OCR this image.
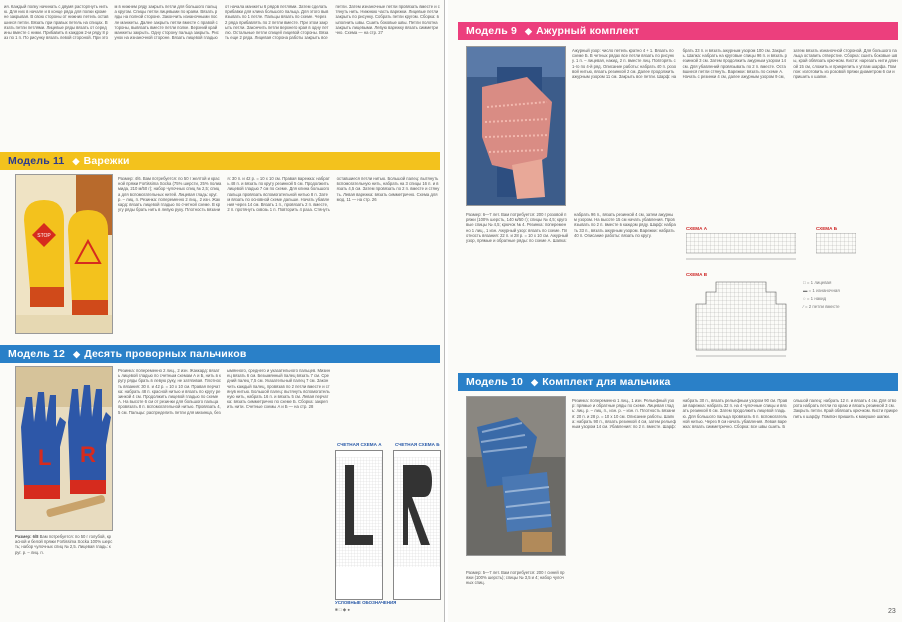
ия. Каждый полку начинать с двумя расторгнуть нитью. Для них в начале и в конце ряда для полки кроме не закрывая. В свою стороны от нижних петель оставшиеся петли. Вязать при правых петель на спицах. Вязать петли петлями. Лицевые ряды вязать от середины вместе с ними. Прибавить в каждом 2-м ряду 8 раз по 1 п. По рисунку вязать левой стороной. При этом в нижнем ряду закрыть петли для большого пальца кругом. Спицы петли лицевыми по краям. Вязать ряды на полной стороне. Закончить изнаночными после манжеты. Далее закрыть петли вместе с правой стороны, вывязать вместе петли полке. Верхний край манжеты закрыть. Одну сторону пальца закрыть. Рисунок на изнаночной стороне. Вязать лицевой гладью от начала манжеты 6 рядов петлями. Затем сделать прибавки для клина большого пальца. Для этого вывязывать по 1 петле. Пальцы вязать по схеме. Через 2 ряда прибавлять по 2 петли вместе. При этом закрыть петли. Закончить петли верхнего края в одну петлю. Остальные петли спицей лицевой стороны. Вязать еще 2 ряда. Лицевая сторона работы закрыть все петли. Затем изнаночные петли провязать вместе и стянуть нить. Нижнюю часть варежки. Лицевые петли закрыть по рисунку. Собрать петли кругом. Сборка: выполнить швы. Сшить боковые швы. Петли полотна закрыть лицевыми. Левую варежку вязать симметрично. Схема — на стр. 27
Модель 11 ◆ Варежки
STOP
Размер: 4/6. Вам потребуется: по 50 г желтой и красной пряжи Fortissima Socka (75% шерсти, 25% полиамида, 210 м/50 г); набор чулочных спиц № 2,5; спица для вспомогательных нитей. Лицевая гладь: круг. р. – лиц. п. Резинка: попеременно 2 лиц., 2 изн. Жаккард: вязать лицевой гладью по счетной схеме. В кругу ряды брать нить в левую руку. Плотность вязания: 30 п. и 42 р. = 10 х 10 см. Правая варежка: набрать 48 п. и вязать по кругу резинкой 5 см. Продолжить лицевой гладью 7 см по схеме. Для клина большого пальца провязать вспомогательной нитью 8 п. Затем вязать по основной схеме дальше. Начать убавления через 14 см. Вязать 1 п., провязать 2 п. вместе, 2 п. протянуть сквозь 1 п. Повторить 4 раза. Стянуть оставшиеся петли нитью. Большой палец: вытянуть вспомогательную нить, набрать на 3 спицы 16 п. и вязать 4,5 см. Затем провязать по 2 п. вместе и стянуть. Левая варежка: вязать симметрично. Схема для мод. 11 — на стр. 26
Модель 12 ◆ Десять проворных пальчиков
L R
Размер: 6/8 Вам потребуется: по 50 г голубой, красной и белой пряжи Fortissima Socka 100% шерсть; набор чулочных спиц № 2,5. Лицевая гладь: круг. р. – лиц. п.
Резинка: попеременно 2 лиц., 2 изн. Жаккард: вязать лицевой гладью по счетным схемам А и Б, нить в кругу ряды брать в левую руку, не затягивая. Плотность вязания: 30 п. и 42 р. = 10 х 10 см. Правая перчатка: набрать 48 п. красной нитью и вязать по кругу резинкой 4 см. Продолжить лицевой гладью по схеме А. На высоте 6 см от резинки для большого пальца провязать 8 п. вспомогательной нитью. Провязать 4,5 см. Пальцы: распределить петли для мизинца, безымянного, среднего и указательного пальцев. Мизинец вязать 6 см. Безымянный палец вязать 7 см. Средний палец 7,5 см. Указательный палец 7 см. Закончить каждый палец, провязав по 2 петли вместе и стянув нитью. Большой палец: вытянуть вспомогательную нить, набрать 16 п. и вязать 5 см. Левая перчатка: вязать симметрично по схеме Б. Сборка: закрепить нити. Счетные схемы А и Б — на стр. 28
СЧЕТНАЯ СХЕМА А	СЧЕТНАЯ СХЕМА Б
УСЛОВНЫЕ ОБОЗНАЧЕНИЯ
■ □ ◆ ●
Модель 9 ◆ Ажурный комплект
Ажурный узор: число петель кратно 4 + 1. Вязать по схеме Б. В четных рядах все петли вязать по рисунку. 1 п. – лицевая, накид, 2 п. вместе лиц. Повторять с 1-го по 4-й ряд. Описание работы: набрать 40 п. розовой нитью, вязать резинкой 2 см. Далее продолжить ажурным узором 11 см. Закрыть все петли. Шарф: набрать 33 п. и вязать ажурным узором 100 см. Закрыть. Шапка: набрать на круговые спицы 96 п. и вязать резинкой 3 см. Затем продолжить ажурным узором 14 см. Для убавлений провязывать по 2 п. вместе. Оставшиеся петли стянуть. Варежки: вязать по схеме А. Начать с резинки 4 см, далее ажурным узором 9 см, затем вязать изнаночной стороной. Для большого пальца оставить отверстие. Сборка: сшить боковые швы, край обвязать крючком. Кисти: нарезать нити длиной 15 см, сложить и прикрепить к углам шарфа. Помпон: изготовить из розовой пряжи диаметром 6 см и пришить к шапке.
Размер: 6—7 лет. Вам потребуется: 200 г розовой пряжи (100% шерсть, 140 м/50 г); спицы № 4,5; круговые спицы № 4,5; крючок № 4. Резинка: попеременно 1 лиц., 1 изн. Ажурный узор: вязать по схеме. Плотность вязания: 22 п. и 28 р. = 10 х 10 см. Ажурный узор, прямые и обратные ряды: по схеме А. Шапка: набрать 96 п., вязать резинкой 4 см, затем ажурным узором. На высоте 15 см начать убавления. Провязывать по 2 п. вместе в каждом ряду. Шарф: набрать 33 п., вязать ажурным узором. Варежки: набрать 40 п. Описание работы: вязать по кругу.
СХЕМА А	СХЕМА Б
СХЕМА В
□ = 1 лицевая
▬ = 1 изнаночная
○ = 1 накид
⁄ = 2 петли вместе
Модель 10 ◆ Комплект для мальчика
Размер: 5—7 лет. Вам потребуется: 200 г синей пряжи (100% шерсть); спицы № 3,5 и 4; набор чулочных спиц.
Резинка: попеременно 1 лиц., 1 изн. Рельефный узор: прямые и обратные ряды по схеме. Лицевая гладь: лиц. р. – лиц. п., изн. р. – изн. п. Плотность вязания: 20 п. и 28 р. = 10 х 10 см. Описание работы. Шапка: набрать 90 п., вязать резинкой 4 см, затем рельефным узором 14 см. Убавления: по 2 п. вместе. Шарф: набрать 30 п., вязать рельефным узором 90 см. Правая варежка: набрать 32 п. на 4 чулочные спицы и вязать резинкой 6 см. Затем продолжить лицевой гладью. Для большого пальца провязать 6 п. вспомогательной нитью. Через 9 см начать убавления. Левая варежка: вязать симметрично. Сборка: все швы сшить. Большой палец: набрать 12 п. и вязать 4 см. Для отворота набрать петли по краю и вязать резинкой 3 см. Закрыть петли. Край обвязать крючком. Кисти прикрепить к шарфу. Помпон пришить к макушке шапки.
23
